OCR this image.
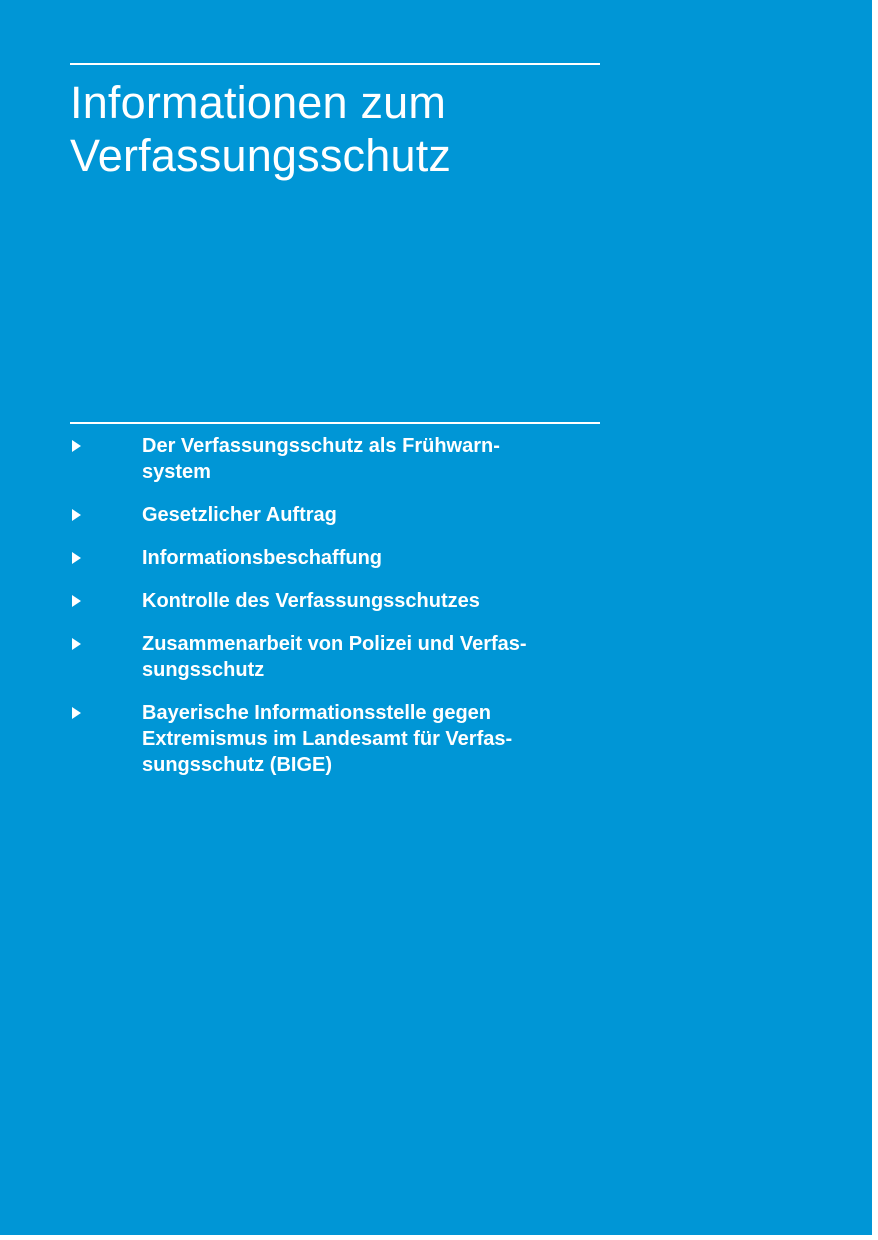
Informationen zum
Verfassungsschutz
Der Verfassungsschutz als Frühwarn-
system
Gesetzlicher Auftrag
Informationsbeschaffung
Kontrolle des Verfassungsschutzes
Zusammenarbeit von Polizei und Verfas-
sungsschutz
Bayerische Informationsstelle gegen
Extremismus im Landesamt für Verfas-
sungsschutz (BIGE)
